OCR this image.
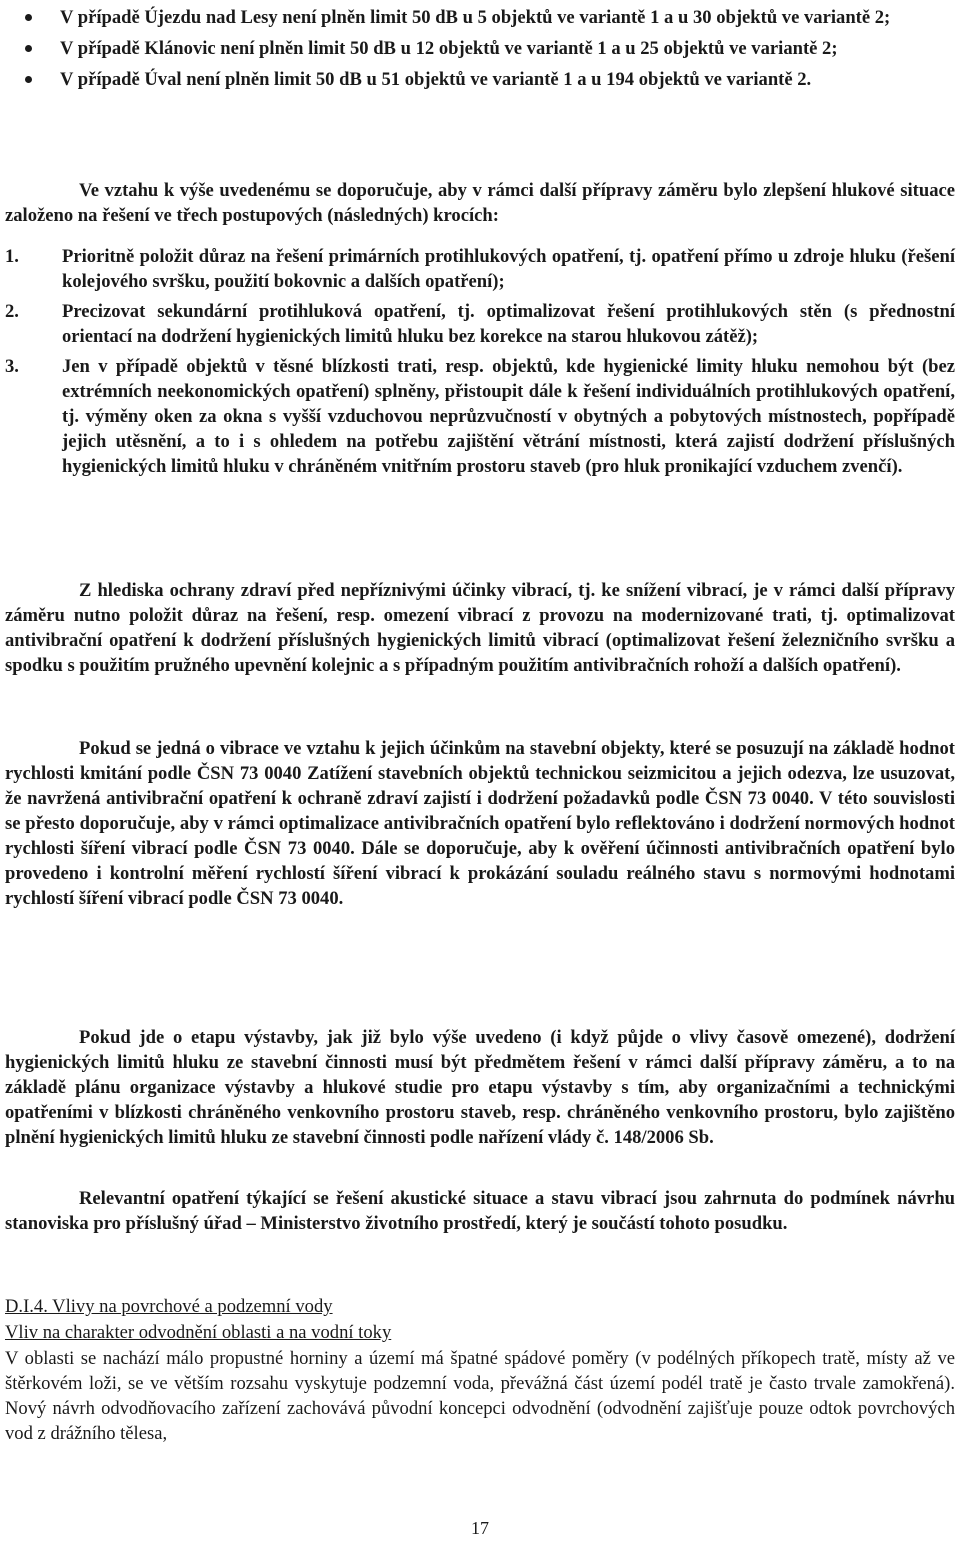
V případě Újezdu nad Lesy není plněn limit 50 dB u 5 objektů ve variantě 1 a u 30 objektů ve variantě 2;
V případě Klánovic není plněn limit 50 dB u 12 objektů ve variantě 1 a u 25 objektů ve variantě 2;
V případě Úval není plněn limit 50 dB u 51 objektů ve variantě 1 a u 194 objektů ve variantě 2.

Ve vztahu k výše uvedenému se doporučuje, aby v rámci další přípravy záměru bylo zlepšení hlukové situace založeno na řešení ve třech postupových (následných) krocích:

1. Prioritně položit důraz na řešení primárních protihlukových opatření, tj. opatření přímo u zdroje hluku (řešení kolejového svršku, použití bokovnic a dalších opatření);
2. Precizovat sekundární protihluková opatření, tj. optimalizovat řešení protihlukových stěn (s přednostní orientací na dodržení hygienických limitů hluku bez korekce na starou hlukovou zátěž);
3. Jen v případě objektů v těsné blízkosti trati, resp. objektů, kde hygienické limity hluku nemohou být (bez extrémních neekonomických opatření) splněny, přistoupit dále k řešení individuálních protihlukových opatření, tj. výměny oken za okna s vyšší vzduchovou neprůzvučností v obytných a pobytových místnostech, popřípadě jejich utěsnění, a to i s ohledem na potřebu zajištění větrání místnosti, která zajistí dodržení příslušných hygienických limitů hluku v chráněném vnitřním prostoru staveb (pro hluk pronikající vzduchem zvenčí).

Z hlediska ochrany zdraví před nepříznivými účinky vibrací, tj. ke snížení vibrací, je v rámci další přípravy záměru nutno položit důraz na řešení, resp. omezení vibrací z provozu na modernizované trati, tj. optimalizovat antivibrační opatření k dodržení příslušných hygienických limitů vibrací (optimalizovat řešení železničního svršku a spodku s použitím pružného upevnění kolejnic a s případným použitím antivibračních rohoží a dalších opatření).

Pokud se jedná o vibrace ve vztahu k jejich účinkům na stavební objekty, které se posuzují na základě hodnot rychlosti kmitání podle ČSN 73 0040 Zatížení stavebních objektů technickou seizmicitou a jejich odezva, lze usuzovat, že navržená antivibrační opatření k ochraně zdraví zajistí i dodržení požadavků podle ČSN 73 0040. V této souvislosti se přesto doporučuje, aby v rámci optimalizace antivibračních opatření bylo reflektováno i dodržení normových hodnot rychlosti šíření vibrací podle ČSN 73 0040. Dále se doporučuje, aby k ověření účinnosti antivibračních opatření bylo provedeno i kontrolní měření rychlostí šíření vibrací k prokázání souladu reálného stavu s normovými hodnotami rychlostí šíření vibrací podle ČSN 73 0040.

Pokud jde o etapu výstavby, jak již bylo výše uvedeno (i když půjde o vlivy časově omezené), dodržení hygienických limitů hluku ze stavební činnosti musí být předmětem řešení v rámci další přípravy záměru, a to na základě plánu organizace výstavby a hlukové studie pro etapu výstavby s tím, aby organizačními a technickými opatřeními v blízkosti chráněného venkovního prostoru staveb, resp. chráněného venkovního prostoru, bylo zajištěno plnění hygienických limitů hluku ze stavební činnosti podle nařízení vlády č. 148/2006 Sb.

Relevantní opatření týkající se řešení akustické situace a stavu vibrací jsou zahrnuta do podmínek návrhu stanoviska pro příslušný úřad – Ministerstvo životního prostředí, který je součástí tohoto posudku.

D.I.4. Vlivy na povrchové a podzemní vody
Vliv na charakter odvodnění oblasti a na vodní toky

V oblasti se nachází málo propustné horniny a území má špatné spádové poměry (v podélných příkopech tratě, místy až ve štěrkovém loži, se ve větším rozsahu vyskytuje podzemní voda, převážná část území podél tratě je často trvale zamokřená). Nový návrh odvodňovacího zařízení zachovává původní koncepci odvodnění (odvodnění zajišťuje pouze odtok povrchových vod z drážního tělesa,

17
